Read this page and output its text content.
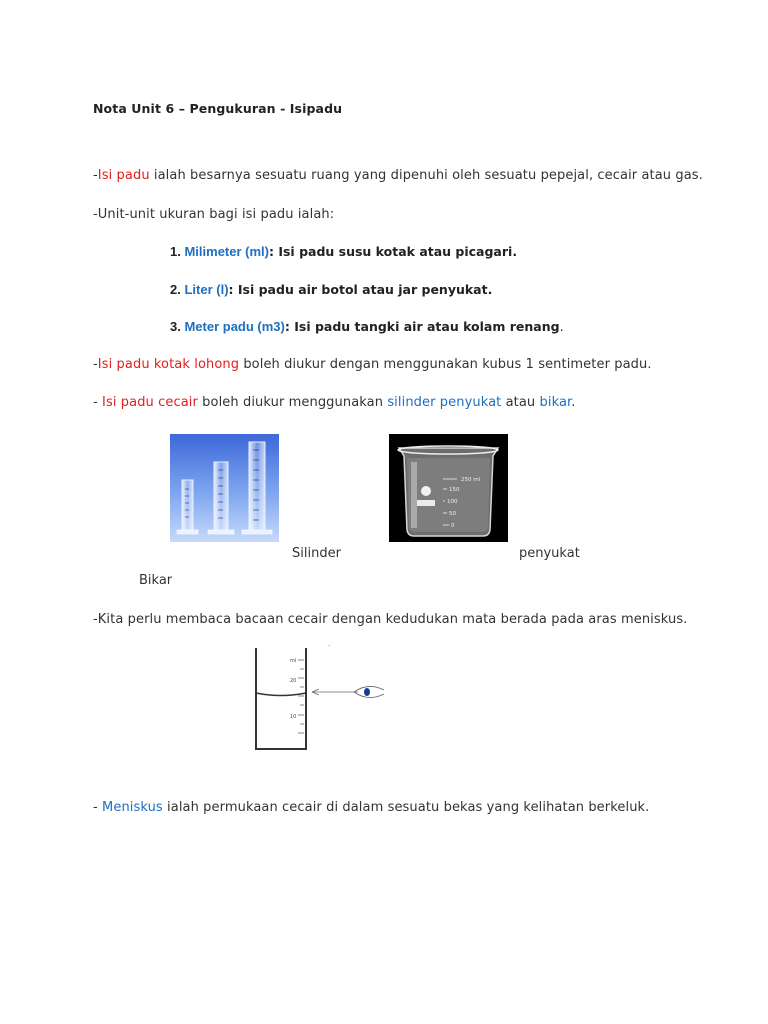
Nota Unit 6 – Pengukuran - Isipadu
-Isi padu ialah besarnya sesuatu ruang yang dipenuhi oleh sesuatu pepejal, cecair atau gas.
-Unit-unit ukuran bagi isi padu ialah:
1. Milimeter (ml): Isi padu susu kotak atau picagari.
2. Liter (l): Isi padu air botol atau jar penyukat.
3. Meter padu (m3): Isi padu tangki air atau kolam renang.
-Isi padu kotak lohong boleh diukur dengan menggunakan kubus 1 sentimeter padu.
- Isi padu cecair boleh diukur menggunakan silinder penyukat atau bikar.
250 ml
150
100
50
0
Silinder	penyukat
Bikar
-Kita perlu membaca bacaan cecair dengan kedudukan mata berada pada aras meniskus.
ml
20
10
-
- Meniskus ialah permukaan cecair di dalam sesuatu bekas yang kelihatan berkeluk.
